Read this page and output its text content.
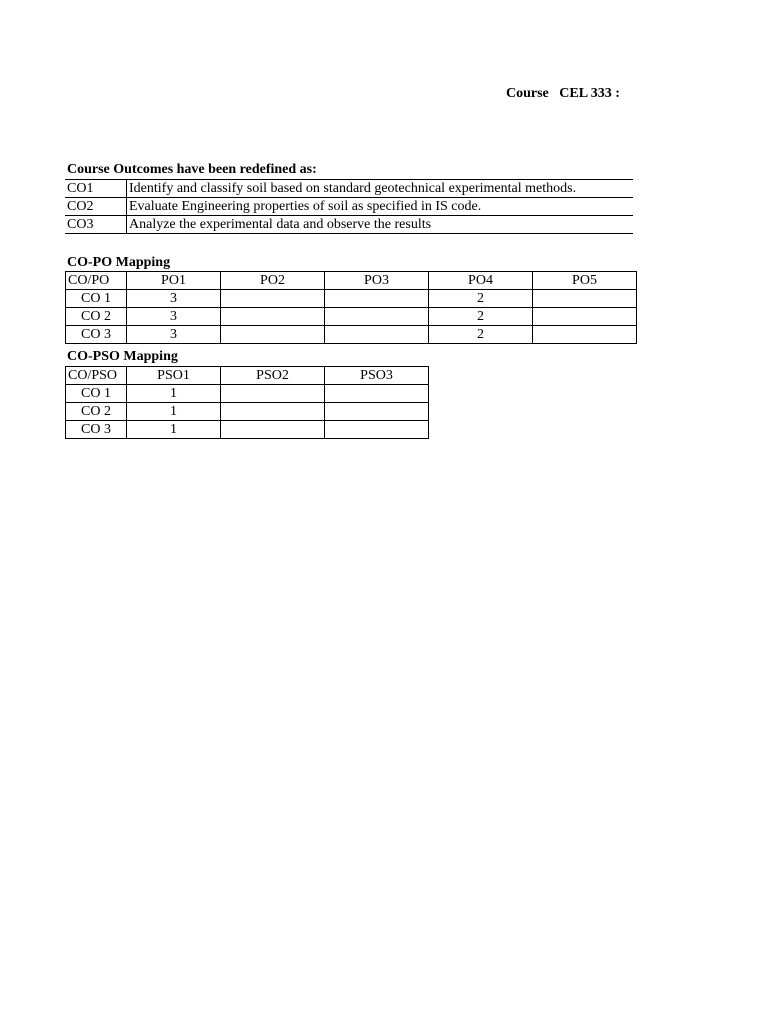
Course CEL 333 :
Course Outcomes have been redefined as:
CO1	Identify and classify soil based on standard geotechnical experimental methods.
CO2	Evaluate Engineering properties of soil as specified in IS code.
CO3	Analyze the experimental data and observe the results
CO-PO Mapping
CO/PO	PO1	PO2	PO3	PO4	PO5
CO 1	3			2	
CO 2	3			2	
CO 3	3			2	
CO-PSO Mapping
CO/PSO	PSO1	PSO2	PSO3
CO 1	1		
CO 2	1		
CO 3	1		
